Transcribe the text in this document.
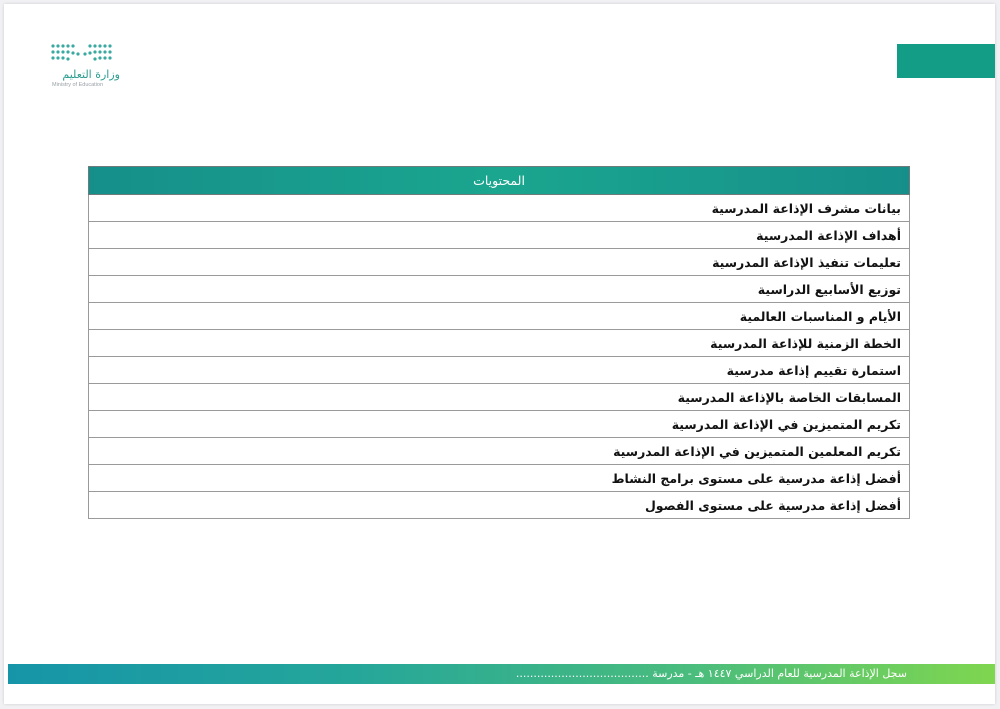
وزارة التعليم
Ministry of Education
المحتويات
بيانات مشرف الإذاعة المدرسية
أهداف الإذاعة المدرسية
تعليمات تنفيذ الإذاعة المدرسية
توزيع الأسابيع الدراسية
الأيام و المناسبات العالمية
الخطة الزمنية للإذاعة المدرسية
استمارة تقييم إذاعة مدرسية
المسابقات الخاصة بالإذاعة المدرسية
تكريم المتميزين في الإذاعة المدرسية
تكريم المعلمين المتميزين في الإذاعة المدرسية
أفضل إذاعة مدرسية على مستوى برامج النشاط
أفضل إذاعة مدرسية على مستوى الفصول
سجل الإذاعة المدرسية للعام الدراسي ١٤٤٧ هـ - مدرسة ......................................
